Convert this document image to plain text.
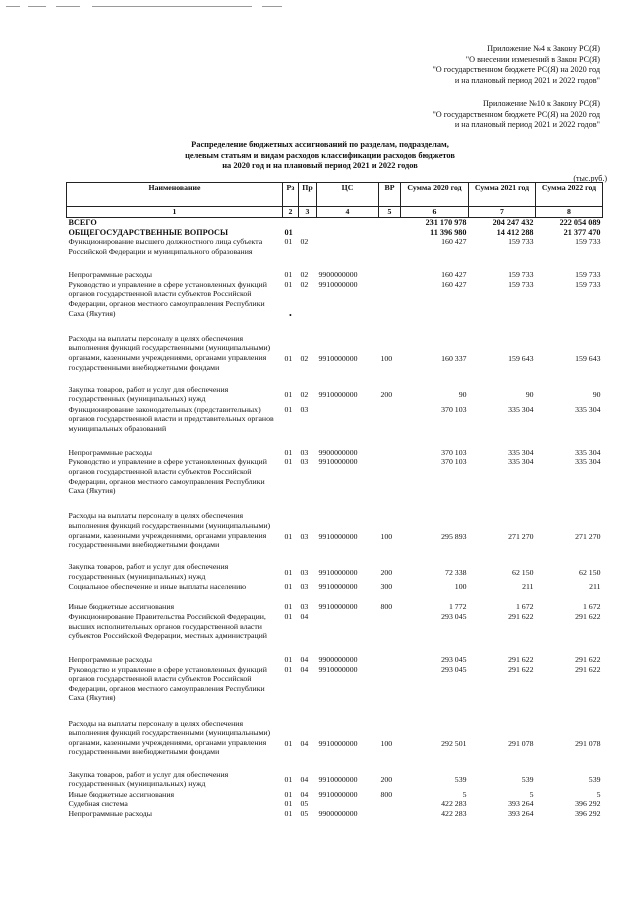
Приложение №4 к Закону РС(Я)
"О внесении изменений в Закон РС(Я)
"О государственном бюджете РС(Я) на 2020 год
и на плановый период 2021 и 2022 годов"
Приложение №10 к Закону РС(Я)
"О государственном бюджете РС(Я) на 2020 год
и на плановый период 2021 и 2022 годов"
Распределение бюджетных ассигнований по разделам, подразделам,
целевым статьям и видам расходов классификации расходов бюджетов
на 2020 год и на плановый период 2021 и 2022 годов
(тыс.руб.)
•
Наименование	Рз	Пр	ЦС	ВР	Сумма 2020 год	Сумма 2021 год	Сумма 2022 год
1	2	3	4	5	6	7	8
ВСЕГО					231 170 978	204 247 432	222 054 089
ОБЩЕГОСУДАРСТВЕННЫЕ ВОПРОСЫ	01				11 396 980	14 412 288	21 377 470
Функционирование высшего должностного лица субъекта Российской Федерации и муниципального образования	01	02			160 427	159 733	159 733
Непрограммные расходы	01	02	9900000000		160 427	159 733	159 733
Руководство и управление в сфере установленных функций органов государственной власти субъектов Российской Федерации, органов местного самоуправления Республики Саха (Якутия)	01	02	9910000000		160 427	159 733	159 733
Расходы на выплаты персоналу в целях обеспечения выполнения функций государственными (муниципальными) органами, казенными учреждениями, органами управления государственными внебюджетными фондами	01	02	9910000000	100	160 337	159 643	159 643
Закупка товаров, работ и услуг для обеспечения государственных (муниципальных) нужд	01	02	9910000000	200	90	90	90
Функционирование законодательных (представительных) органов государственной власти и представительных органов муниципальных образований	01	03			370 103	335 304	335 304
Непрограммные расходы	01	03	9900000000		370 103	335 304	335 304
Руководство и управление в сфере установленных функций органов государственной власти субъектов Российской Федерации, органов местного самоуправления Республики Саха (Якутия)	01	03	9910000000		370 103	335 304	335 304
Расходы на выплаты персоналу в целях обеспечения выполнения функций государственными (муниципальными) органами, казенными учреждениями, органами управления государственными внебюджетными фондами	01	03	9910000000	100	295 893	271 270	271 270
Закупка товаров, работ и услуг для обеспечения государственных (муниципальных) нужд	01	03	9910000000	200	72 338	62 150	62 150
Социальное обеспечение и иные выплаты населению	01	03	9910000000	300	100	211	211
Иные бюджетные ассигнования	01	03	9910000000	800	1 772	1 672	1 672
Функционирование Правительства Российской Федерации, высших исполнительных органов государственной власти субъектов Российской Федерации, местных администраций	01	04			293 045	291 622	291 622
Непрограммные расходы	01	04	9900000000		293 045	291 622	291 622
Руководство и управление в сфере установленных функций органов государственной власти субъектов Российской Федерации, органов местного самоуправления Республики Саха (Якутия)	01	04	9910000000		293 045	291 622	291 622
Расходы на выплаты персоналу в целях обеспечения выполнения функций государственными (муниципальными) органами, казенными учреждениями, органами управления государственными внебюджетными фондами	01	04	9910000000	100	292 501	291 078	291 078
Закупка товаров, работ и услуг для обеспечения государственных (муниципальных) нужд	01	04	9910000000	200	539	539	539
Иные бюджетные ассигнования	01	04	9910000000	800	5	5	5
Судебная система	01	05			422 283	393 264	396 292
Непрограммные расходы	01	05	9900000000		422 283	393 264	396 292
